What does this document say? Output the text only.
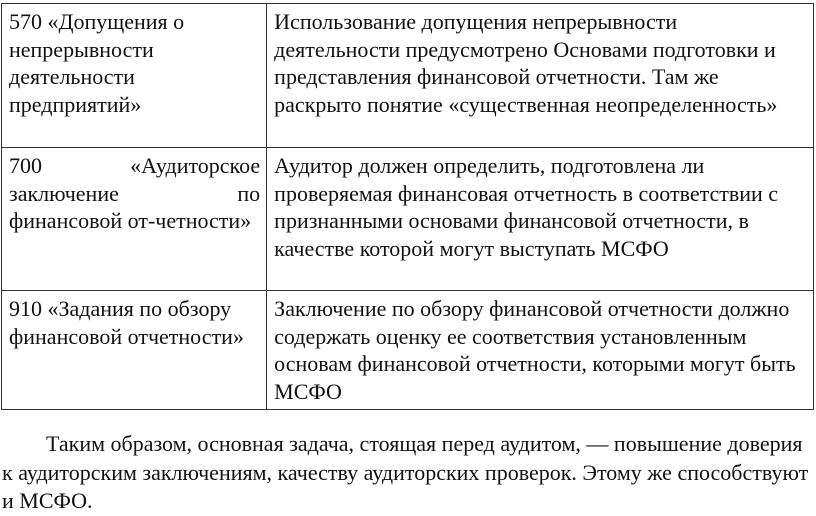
570 «Допущения о непрерывности деятельности предприятий»	Использование допущения непрерывности деятельности предусмотрено Основами подготовки и представления финансовой отчетности. Там же раскрыто понятие «существенная неопределенность»
700 «Аудиторское заключение по финансовой от-четности»	Аудитор должен определить, подготовлена ли проверяемая финансовая отчетность в соответствии с признанными основами финансовой отчетности, в качестве которой могут выступать МСФО
910 «Задания по обзору финансовой отчетности»	Заключение по обзору финансовой отчетности должно содержать оценку ее соответствия установленным основам финансовой отчетности, которыми могут быть МСФО

Таким образом, основная задача, стоящая перед аудитом, — повышение доверия к аудиторским заключениям, качеству аудиторских проверок. Этому же способствуют и МСФО.
